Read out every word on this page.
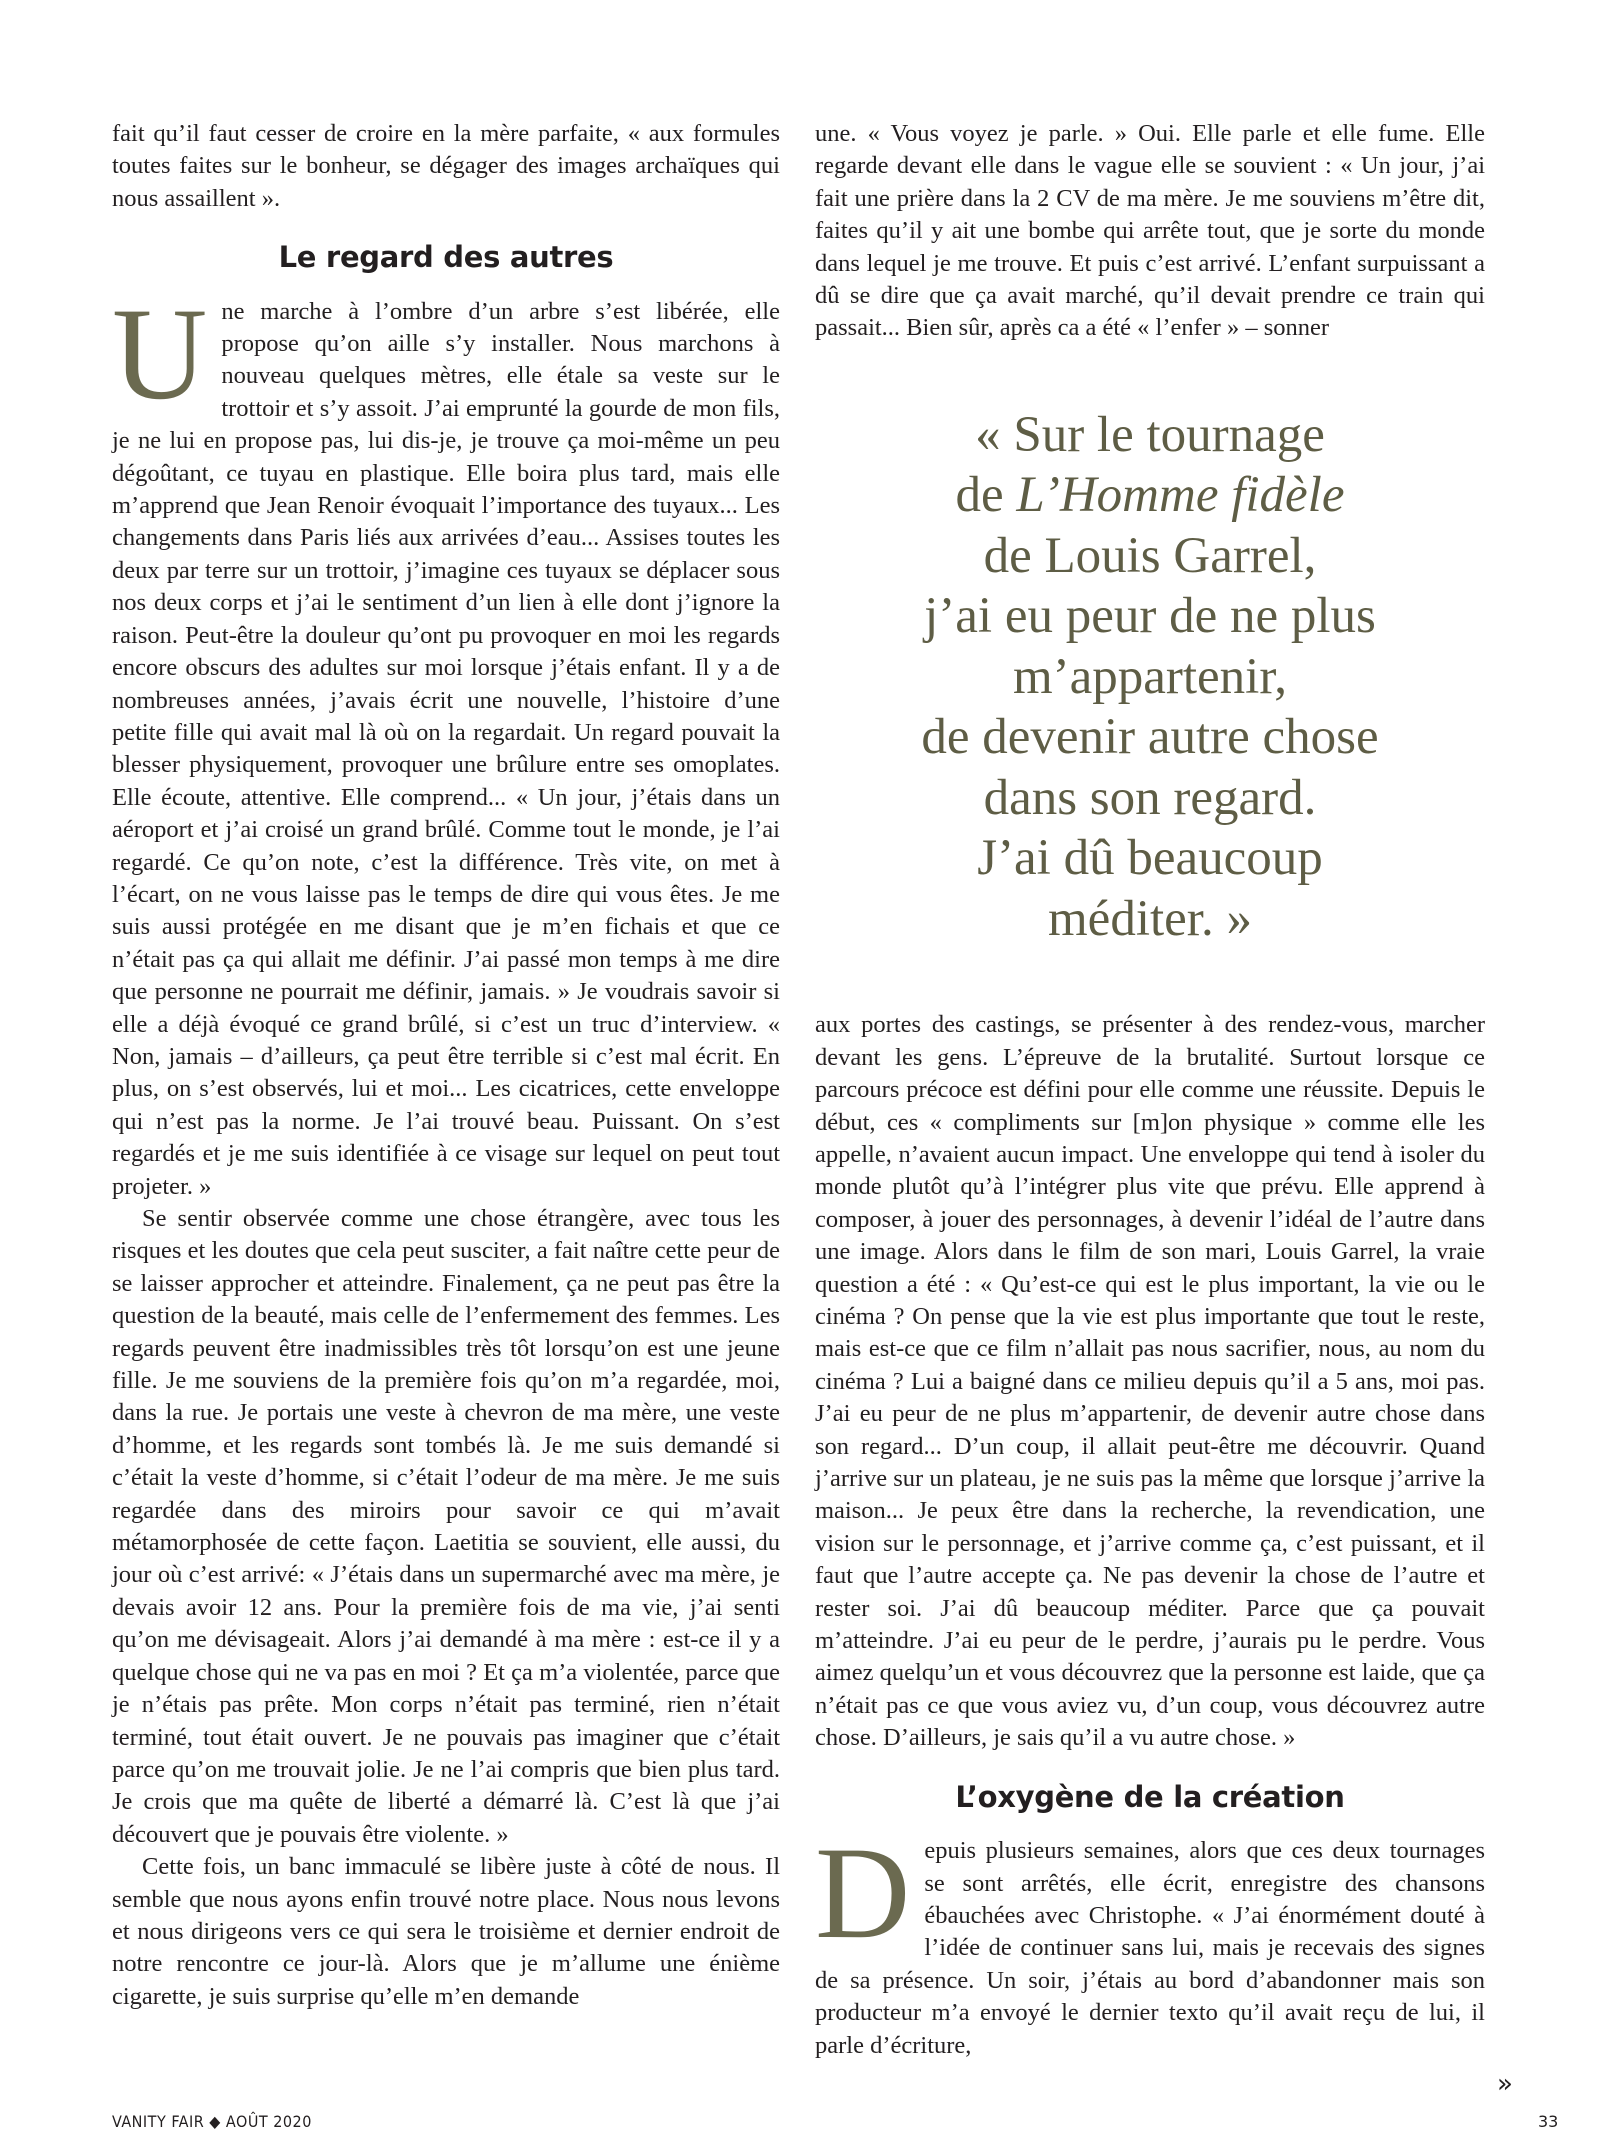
fait qu’il faut cesser de croire en la mère parfaite, « aux formules toutes faites sur le bonheur, se dégager des images archaïques qui nous assaillent ».

Le regard des autres

Une marche à l’ombre d’un arbre s’est libérée, elle propose qu’on aille s’y installer. Nous marchons à nouveau quelques mètres, elle étale sa veste sur le trottoir et s’y assoit. J’ai emprunté la gourde de mon fils, je ne lui en propose pas, lui dis-je, je trouve ça moi-même un peu dégoûtant, ce tuyau en plastique. Elle boira plus tard, mais elle m’apprend que Jean Renoir évoquait l’importance des tuyaux... Les changements dans Paris liés aux arrivées d’eau... Assises toutes les deux par terre sur un trottoir, j’imagine ces tuyaux se déplacer sous nos deux corps et j’ai le sentiment d’un lien à elle dont j’ignore la raison. Peut-être la douleur qu’ont pu provoquer en moi les regards encore obscurs des adultes sur moi lorsque j’étais enfant. Il y a de nombreuses années, j’avais écrit une nouvelle, l’histoire d’une petite fille qui avait mal là où on la regardait. Un regard pouvait la blesser physiquement, provoquer une brûlure entre ses omoplates. Elle écoute, attentive. Elle comprend... « Un jour, j’étais dans un aéroport et j’ai croisé un grand brûlé. Comme tout le monde, je l’ai regardé. Ce qu’on note, c’est la différence. Très vite, on met à l’écart, on ne vous laisse pas le temps de dire qui vous êtes. Je me suis aussi protégée en me disant que je m’en fichais et que ce n’était pas ça qui allait me définir. J’ai passé mon temps à me dire que personne ne pourrait me définir, jamais. » Je voudrais savoir si elle a déjà évoqué ce grand brûlé, si c’est un truc d’interview. « Non, jamais – d’ailleurs, ça peut être terrible si c’est mal écrit. En plus, on s’est observés, lui et moi... Les cicatrices, cette enveloppe qui n’est pas la norme. Je l’ai trouvé beau. Puissant. On s’est regardés et je me suis identifiée à ce visage sur lequel on peut tout projeter. »

Se sentir observée comme une chose étrangère, avec tous les risques et les doutes que cela peut susciter, a fait naître cette peur de se laisser approcher et atteindre. Finalement, ça ne peut pas être la question de la beauté, mais celle de l’enfermement des femmes. Les regards peuvent être inadmissibles très tôt lorsqu’on est une jeune fille. Je me souviens de la première fois qu’on m’a regardée, moi, dans la rue. Je portais une veste à chevron de ma mère, une veste d’homme, et les regards sont tombés là. Je me suis demandé si c’était la veste d’homme, si c’était l’odeur de ma mère. Je me suis regardée dans des miroirs pour savoir ce qui m’avait métamorphosée de cette façon. Laetitia se souvient, elle aussi, du jour où c’est arrivé: « J’étais dans un supermarché avec ma mère, je devais avoir 12 ans. Pour la première fois de ma vie, j’ai senti qu’on me dévisageait. Alors j’ai demandé à ma mère : est-ce il y a quelque chose qui ne va pas en moi ? Et ça m’a violentée, parce que je n’étais pas prête. Mon corps n’était pas terminé, rien n’était terminé, tout était ouvert. Je ne pouvais pas imaginer que c’était parce qu’on me trouvait jolie. Je ne l’ai compris que bien plus tard. Je crois que ma quête de liberté a démarré là. C’est là que j’ai découvert que je pouvais être violente. »

Cette fois, un banc immaculé se libère juste à côté de nous. Il semble que nous ayons enfin trouvé notre place. Nous nous levons et nous dirigeons vers ce qui sera le troisième et dernier endroit de notre rencontre ce jour-là. Alors que je m’allume une énième cigarette, je suis surprise qu’elle m’en demande

une. « Vous voyez je parle. » Oui. Elle parle et elle fume. Elle regarde devant elle dans le vague elle se souvient : « Un jour, j’ai fait une prière dans la 2 CV de ma mère. Je me souviens m’être dit, faites qu’il y ait une bombe qui arrête tout, que je sorte du monde dans lequel je me trouve. Et puis c’est arrivé. L’enfant surpuissant a dû se dire que ça avait marché, qu’il devait prendre ce train qui passait... Bien sûr, après ca a été « l’enfer » – sonner

« Sur le tournage
de L’Homme fidèle
de Louis Garrel,
j’ai eu peur de ne plus
m’appartenir,
de devenir autre chose
dans son regard.
J’ai dû beaucoup
méditer. »

aux portes des castings, se présenter à des rendez-vous, marcher devant les gens. L’épreuve de la brutalité. Surtout lorsque ce parcours précoce est défini pour elle comme une réussite. Depuis le début, ces « compliments sur [m]on physique » comme elle les appelle, n’avaient aucun impact. Une enveloppe qui tend à isoler du monde plutôt qu’à l’intégrer plus vite que prévu. Elle apprend à composer, à jouer des personnages, à devenir l’idéal de l’autre dans une image. Alors dans le film de son mari, Louis Garrel, la vraie question a été : « Qu’est-ce qui est le plus important, la vie ou le cinéma ? On pense que la vie est plus importante que tout le reste, mais est-ce que ce film n’allait pas nous sacrifier, nous, au nom du cinéma ? Lui a baigné dans ce milieu depuis qu’il a 5 ans, moi pas. J’ai eu peur de ne plus m’appartenir, de devenir autre chose dans son regard... D’un coup, il allait peut-être me découvrir. Quand j’arrive sur un plateau, je ne suis pas la même que lorsque j’arrive la maison... Je peux être dans la recherche, la revendication, une vision sur le personnage, et j’arrive comme ça, c’est puissant, et il faut que l’autre accepte ça. Ne pas devenir la chose de l’autre et rester soi. J’ai dû beaucoup méditer. Parce que ça pouvait m’atteindre. J’ai eu peur de le perdre, j’aurais pu le perdre. Vous aimez quelqu’un et vous découvrez que la personne est laide, que ça n’était pas ce que vous aviez vu, d’un coup, vous découvrez autre chose. D’ailleurs, je sais qu’il a vu autre chose. »

L’oxygène de la création

Depuis plusieurs semaines, alors que ces deux tournages se sont arrêtés, elle écrit, enregistre des chansons ébauchées avec Christophe. « J’ai énormément douté à l’idée de continuer sans lui, mais je recevais des signes de sa présence. Un soir, j’étais au bord d’abandonner mais son producteur m’a envoyé le dernier texto qu’il avait reçu de lui, il parle d’écriture,

»
VANITY FAIR ◆ AOÛT 2020	33
